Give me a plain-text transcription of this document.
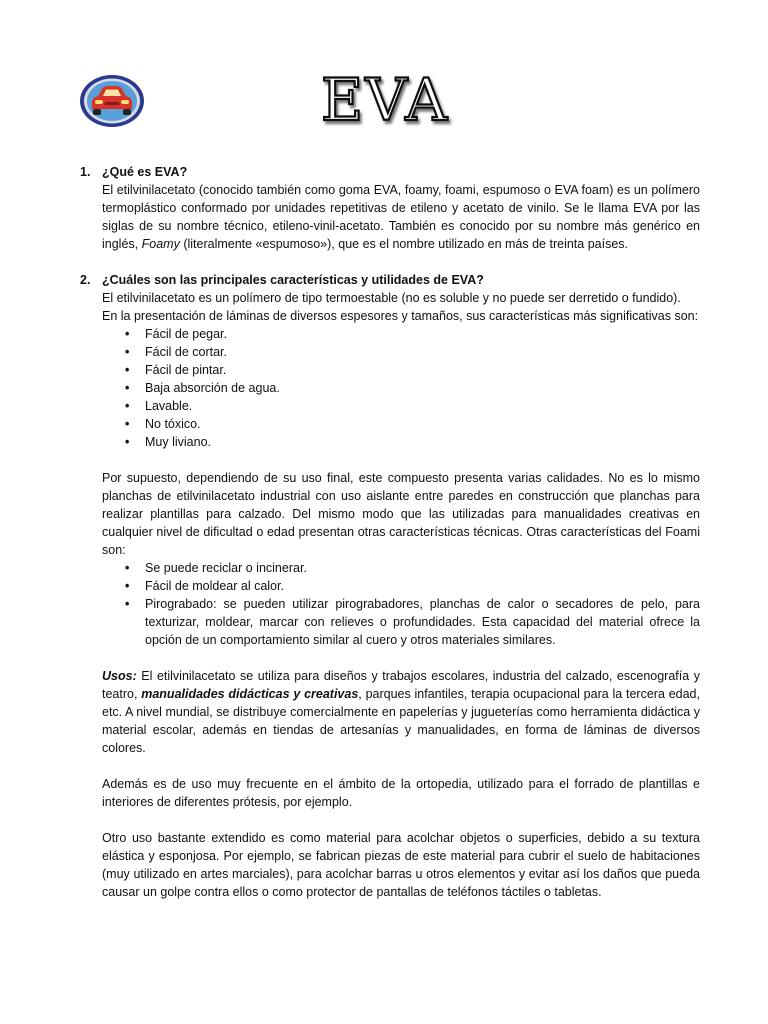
EVA
1. ¿Qué es EVA?
El etilvinilacetato (conocido también como goma EVA, foamy, foami, espumoso o EVA foam) es un polímero termoplástico conformado por unidades repetitivas de etileno y acetato de vinilo. Se le llama EVA por las siglas de su nombre técnico, etileno-vinil-acetato. También es conocido por su nombre más genérico en inglés, Foamy (literalmente «espumoso»), que es el nombre utilizado en más de treinta países.
2. ¿Cuáles son las principales características y utilidades de EVA?
El etilvinilacetato es un polímero de tipo termoestable (no es soluble y no puede ser derretido o fundido).
En la presentación de láminas de diversos espesores y tamaños, sus características más significativas son:
• Fácil de pegar.
• Fácil de cortar.
• Fácil de pintar.
• Baja absorción de agua.
• Lavable.
• No tóxico.
• Muy liviano.
Por supuesto, dependiendo de su uso final, este compuesto presenta varias calidades. No es lo mismo planchas de etilvinilacetato industrial con uso aislante entre paredes en construcción que planchas para realizar plantillas para calzado. Del mismo modo que las utilizadas para manualidades creativas en cualquier nivel de dificultad o edad presentan otras características técnicas. Otras características del Foami son:
• Se puede reciclar o incinerar.
• Fácil de moldear al calor.
• Pirograbado: se pueden utilizar pirograbadores, planchas de calor o secadores de pelo, para texturizar, moldear, marcar con relieves o profundidades. Esta capacidad del material ofrece la opción de un comportamiento similar al cuero y otros materiales similares.
Usos: El etilvinilacetato se utiliza para diseños y trabajos escolares, industria del calzado, escenografía y teatro, manualidades didácticas y creativas, parques infantiles, terapia ocupacional para la tercera edad, etc. A nivel mundial, se distribuye comercialmente en papelerías y jugueterías como herramienta didáctica y material escolar, además en tiendas de artesanías y manualidades, en forma de láminas de diversos colores.
Además es de uso muy frecuente en el ámbito de la ortopedia, utilizado para el forrado de plantillas e interiores de diferentes prótesis, por ejemplo.
Otro uso bastante extendido es como material para acolchar objetos o superficies, debido a su textura elástica y esponjosa. Por ejemplo, se fabrican piezas de este material para cubrir el suelo de habitaciones (muy utilizado en artes marciales), para acolchar barras u otros elementos y evitar así los daños que pueda causar un golpe contra ellos o como protector de pantallas de teléfonos táctiles o tabletas.
